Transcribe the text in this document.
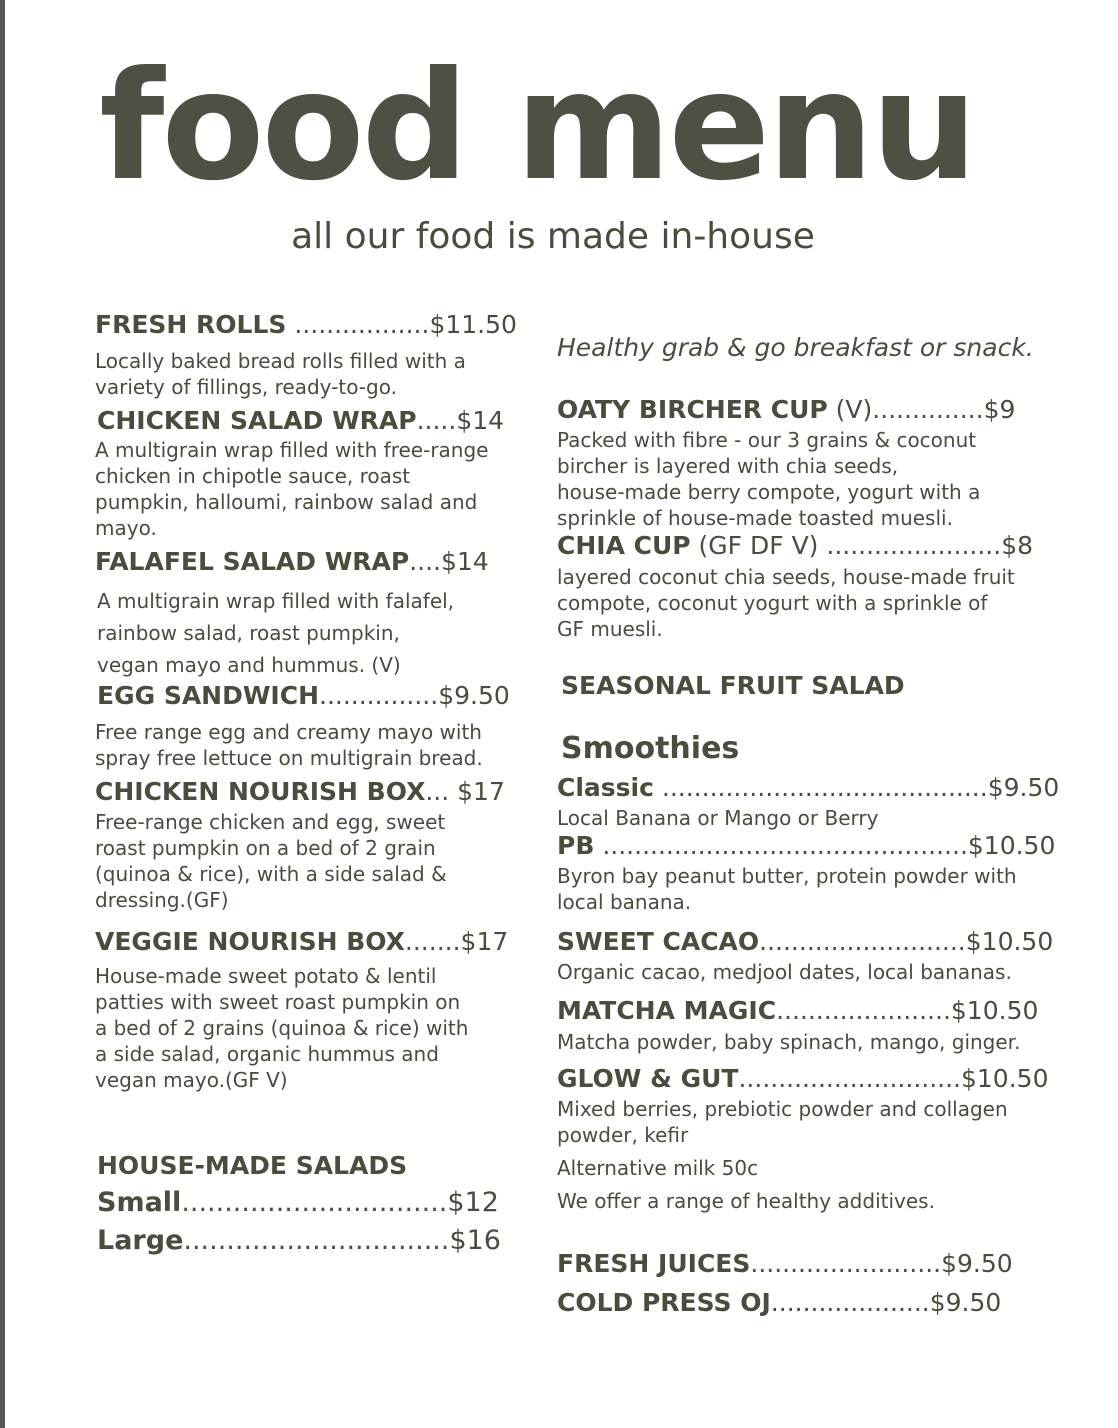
food menu
all our food is made in-house
FRESH ROLLS .................$11.50
Locally baked bread rolls filled with a
variety of fillings, ready-to-go.
CHICKEN SALAD WRAP.....$14
A multigrain wrap filled with free-range
chicken in chipotle sauce, roast
pumpkin, halloumi, rainbow salad and
mayo.
FALAFEL SALAD WRAP....$14
A multigrain wrap filled with falafel,
rainbow salad, roast pumpkin,
vegan mayo and hummus. (V)
EGG SANDWICH...............$9.50
Free range egg and creamy mayo with
spray free lettuce on multigrain bread.
CHICKEN NOURISH BOX... $17
Free-range chicken and egg, sweet
roast pumpkin on a bed of 2 grain
(quinoa & rice), with a side salad &
dressing.(GF)
VEGGIE NOURISH BOX.......$17
House-made sweet potato & lentil
patties with sweet roast pumpkin on
a bed of 2 grains (quinoa & rice) with
a side salad, organic hummus and
vegan mayo.(GF V)
HOUSE-MADE SALADS
Small...............................$12
Large...............................$16
Healthy grab & go breakfast or snack.
OATY BIRCHER CUP (V)..............$9
Packed with fibre - our 3 grains & coconut
bircher is layered with chia seeds,
house-made berry compote, yogurt with a
sprinkle of house-made toasted muesli.
CHIA CUP (GF DF V) ......................$8
layered coconut chia seeds, house-made fruit
compote, coconut yogurt with a sprinkle of
GF muesli.
SEASONAL FRUIT SALAD
Smoothies
Classic .........................................$9.50
Local Banana or Mango or Berry
PB ..............................................$10.50
Byron bay peanut butter, protein powder with
local banana.
SWEET CACAO..........................$10.50
Organic cacao, medjool dates, local bananas.
MATCHA MAGIC......................$10.50
Matcha powder, baby spinach, mango, ginger.
GLOW & GUT............................$10.50
Mixed berries, prebiotic powder and collagen
powder, kefir
Alternative milk 50c
We offer a range of healthy additives.
FRESH JUICES........................$9.50
COLD PRESS OJ....................$9.50
